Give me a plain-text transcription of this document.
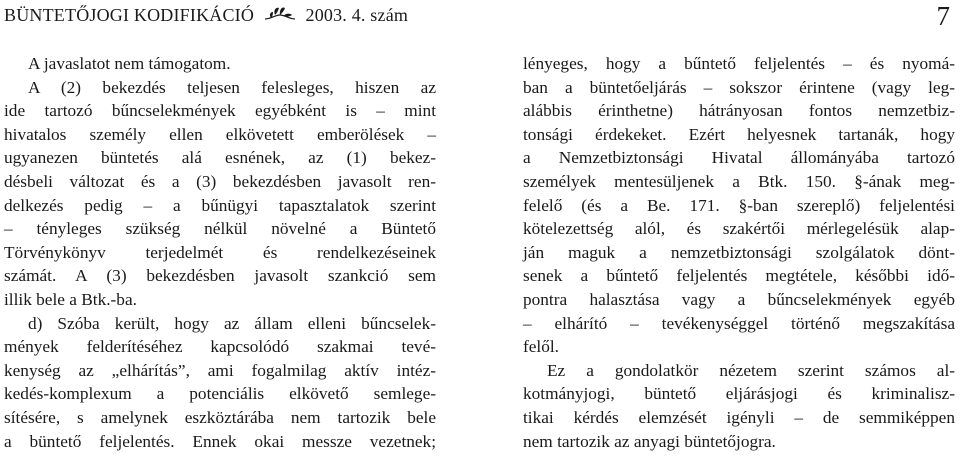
BÜNTETŐJOGI KODIFIKÁCIÓ	2003. 4. szám	7
A javaslatot nem támogatom.
A (2) bekezdés teljesen felesleges, hiszen az
ide tartozó bűncselekmények egyébként is – mint
hivatalos személy ellen elkövetett emberölések –
ugyanezen büntetés alá esnének, az (1) bekez-
désbeli változat és a (3) bekezdésben javasolt ren-
delkezés pedig – a bűnügyi tapasztalatok szerint
– tényleges szükség nélkül növelné a Büntető
Törvénykönyv terjedelmét és rendelkezéseinek
számát. A (3) bekezdésben javasolt szankció sem
illik bele a Btk.-ba.
d) Szóba került, hogy az állam elleni bűncselek-
mények felderítéséhez kapcsolódó szakmai tevé-
kenység az „elhárítás”, ami fogalmilag aktív intéz-
kedés-komplexum a potenciális elkövető semlege-
sítésére, s amelynek eszköztárába nem tartozik bele
a büntető feljelentés. Ennek okai messze vezetnek;
lényeges, hogy a bűntető feljelentés – és nyomá-
ban a büntetőeljárás – sokszor érintene (vagy leg-
alábbis érinthetne) hátrányosan fontos nemzetbiz-
tonsági érdekeket. Ezért helyesnek tartanák, hogy
a Nemzetbiztonsági Hivatal állományába tartozó
személyek mentesüljenek a Btk. 150. §-ának meg-
felelő (és a Be. 171. §-ban szereplő) feljelentési
kötelezettség alól, és szakértői mérlegelésük alap-
ján maguk a nemzetbiztonsági szolgálatok dönt-
senek a bűntető feljelentés megtétele, későbbi idő-
pontra halasztása vagy a bűncselekmények egyéb
– elhárító – tevékenységgel történő megszakítása
felől.
Ez a gondolatkör nézetem szerint számos al-
kotmányjogi, büntető eljárásjogi és kriminalisz-
tikai kérdés elemzését igényli – de semmiképpen
nem tartozik az anyagi büntetőjogra.
